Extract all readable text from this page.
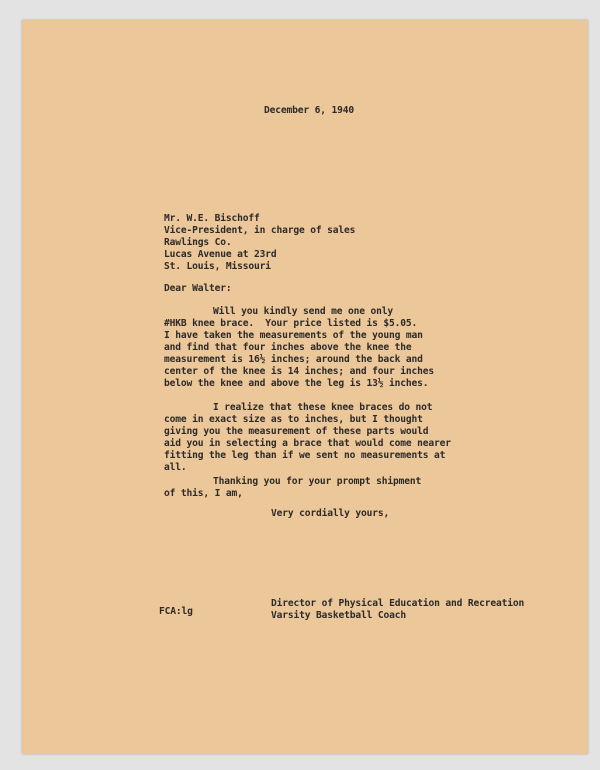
December 6, 1940
Mr. W.E. Bischoff
Vice-President, in charge of sales
Rawlings Co.
Lucas Avenue at 23rd
St. Louis, Missouri
Dear Walter:
Will you kindly send me one only
#HKB knee brace.  Your price listed is $5.05.
I have taken the measurements of the young man
and find that four inches above the knee the
measurement is 16½ inches; around the back and
center of the knee is 14 inches; and four inches
below the knee and above the leg is 13½ inches.
I realize that these knee braces do not
come in exact size as to inches, but I thought
giving you the measurement of these parts would
aid you in selecting a brace that would come nearer
fitting the leg than if we sent no measurements at
all.
Thanking you for your prompt shipment
of this, I am,
Very cordially yours,
Director of Physical Education and Recreation
Varsity Basketball Coach
FCA:lg
